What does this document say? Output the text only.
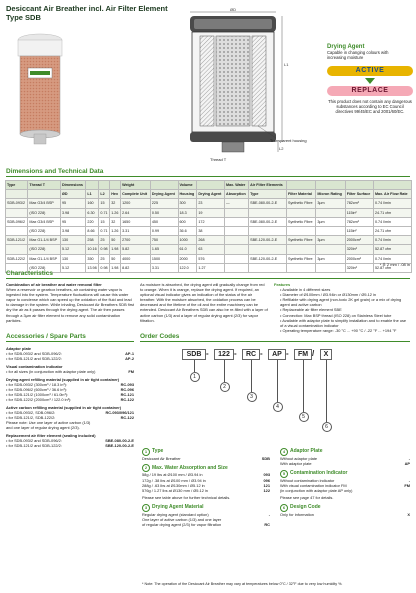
Desiccant Air Breather incl. Air Filter Element
Type SDB
ØD
L1
L2
Transparent housing
Thread T
Drying Agent
Capable in changing colours with increasing moisture
ACTIVE
REPLACE
This product does not contain any dangerous substances according to EC Council directives 99/45/EC and 2001/60/EC.
Dimensions and Technical Data
Type	Thread T	Dimensions				Weight		Volume		Max. Water	Air Filter Elements				
		ØD	L1	L2	Hex	Complete Unit	Drying Agent	Housing	Drying Agent	Absorption	Type	Filter Material	Micron Rating	Filter Surface	Max. Air Flow Rate
SDB-093/2	Max G3/4 BSP	95	160	15	32	1200	225	300	23	—	SBE-080-00-2-E	Synthetic Fibre	3µm	782cm²	0.74 l/min
	(ISO 228)	3.98	6.30	0.71	1.26	2.64	0.50	18.3	19					115in²	24.71 cfm
SDB-096/2	Max G3/4 BSP	95	220	15	32	1650	450	600	172		SBE-080-00-2-E	Synthetic Fibre	3µm	782cm²	0.74 l/min
	(ISO 228)	3.98	8.66	0.71	1.26	3.31	0.99	36.6	38					115in²	24.71 cfm
SDB-121/2	Max G1-1/4 BSP	130	258	25	50	2700	750	1000	268		SBE-120-00-2-E	Synthetic Fibre	3µm	2000cm²	0.74 l/min
	(ISO 228)	5.12	10.16	0.98	1.98	5.82	1.65	61.0	63					320in²	52.87 cfm
SDB-122/2	Max G1-1/4 BSP	130	350	25	50	4000	1500	2000	576		SBE-120-00-2-E	Synthetic Fibre	3µm	2000cm²	0.74 l/min
	(ISO 228)	5.12	13.98	0.98	1.98	8.82	3.31	122.0	1.27					320in²	52.87 cfm
* ≙ 2 mm / .08 in
Characteristics
Combination of air breather and water removal filter
When a reservoir or gearbox breathes, air containing water vapor is ingested into the system. Temperature fluctuations will cause this water vapor to condense which can speed up the oxidation of the fluid and lead to damage in the system. While inhaling, Desiccant Air Breathers SDB first dry the air as it passes through the drying agent. The air then passes through a 3µm air filter element to remove any solid contamination particles.
As moisture is absorbed, the drying agent will gradually change from red to orange. When it is orange, replace the drying agent. If required, an optional visual indicator gives an indication of the status of the air breather. With the moisture absorbed, the oxidation process can be decreased and the lifetime of the oil and the entire machinery can be extended. Desiccant Air Breathers SDB can also be re-filled with a layer of active carbon (1/3) and a layer of regular drying agent (2/3) for vapor filtration.
Features
• Available in 4 different sizes
• Diameter of Ø100mm / Ø3.94in or Ø130mm / Ø5.12 in
• Refillable with drying agent (non-toxic 2K gel grain) or a mix of drying agent and active carbon
• Replaceable air filter element SBE
• Connection: Max BSP thread (ISO 228) on Stainless Steel tube
• Available with adaptor plate to simplify installation and to enable the use of a visual contamination indicator
• Operating temperature range: -30 °C ... +90 °C / -22 °F ... +194 °F
Accessories / Spare Parts
Adaptor plate
• for SDB-093/2 and SDB-096/2:	AP-1
• for SDB-121/2 and SDB-122/2:	AP-2
Visual contamination indicator
• for all sizes (in conjunction with adaptor plate only)	FM
Drying agent refilling material (supplied in air tight container)
• for SDB-093/2 (300cm³ / 18.3 in³):	RC-093
• for SDB-096/2 (600cm³ / 36.6 in³):	RC-096
• for SDB-121/2 (1000cm³ / 61.0in³):	RC-121
• for SDB-122/2 (2000cm³ / 122.0 in³):	RC-122
Active carbon refilling material (supplied in air tight container)
• for SDB-093/2, SDB-096/2:	RC-093/096/121
• for SDB-121/2, SDB-122/2:	RC-122
Please note: Use one layer of active carbon (1/3)
and one layer of regular drying agent (2/3).
Replacement air filter element (sealing included)
• for SDB-093/2 and SDB-096/2:	SBE-080-00-2-E
• for SDB-121/2 and SDB-122/2:	SBE-120-00-2-E
Order Codes
SDB -	122 -	RC -	AP -	FM /	X
1
2
3
4
5
6
1 Type
Desiccant Air Breather	SDB
2 Max. Water Absorption and Size
58g / 19 lbs at Ø100 mm / Ø3.94 in	093
172g / .38 lbs at Ø100 mm / Ø3.94 in	096
288g / .63 lbs at Ø130mm / Ø5.12 in	121
576g / 1.27 lbs at Ø130 mm / Ø5.12 in	122
Please see table above for further technical details.
3 Drying Agent Material
Regular drying agent (standard option)	-
One layer of active carbon (1/3) and one layer
of regular drying agent (2/3) for vapor filtration	RC
4 Adaptor Plate
Without adaptor plate	-
With adaptor plate	AP
5 Contamination Indicator
Without contamination indicator	-
With visual contamination indicator FM	FM
(in conjunction with adaptor plate AP only)
Please see page 47 for details.
6 Design Code
Only for information	X
* Note: The operation of the Desiccant Air Breather may vary at temperatures below 0°C / 32°F due to very low humidity %.
